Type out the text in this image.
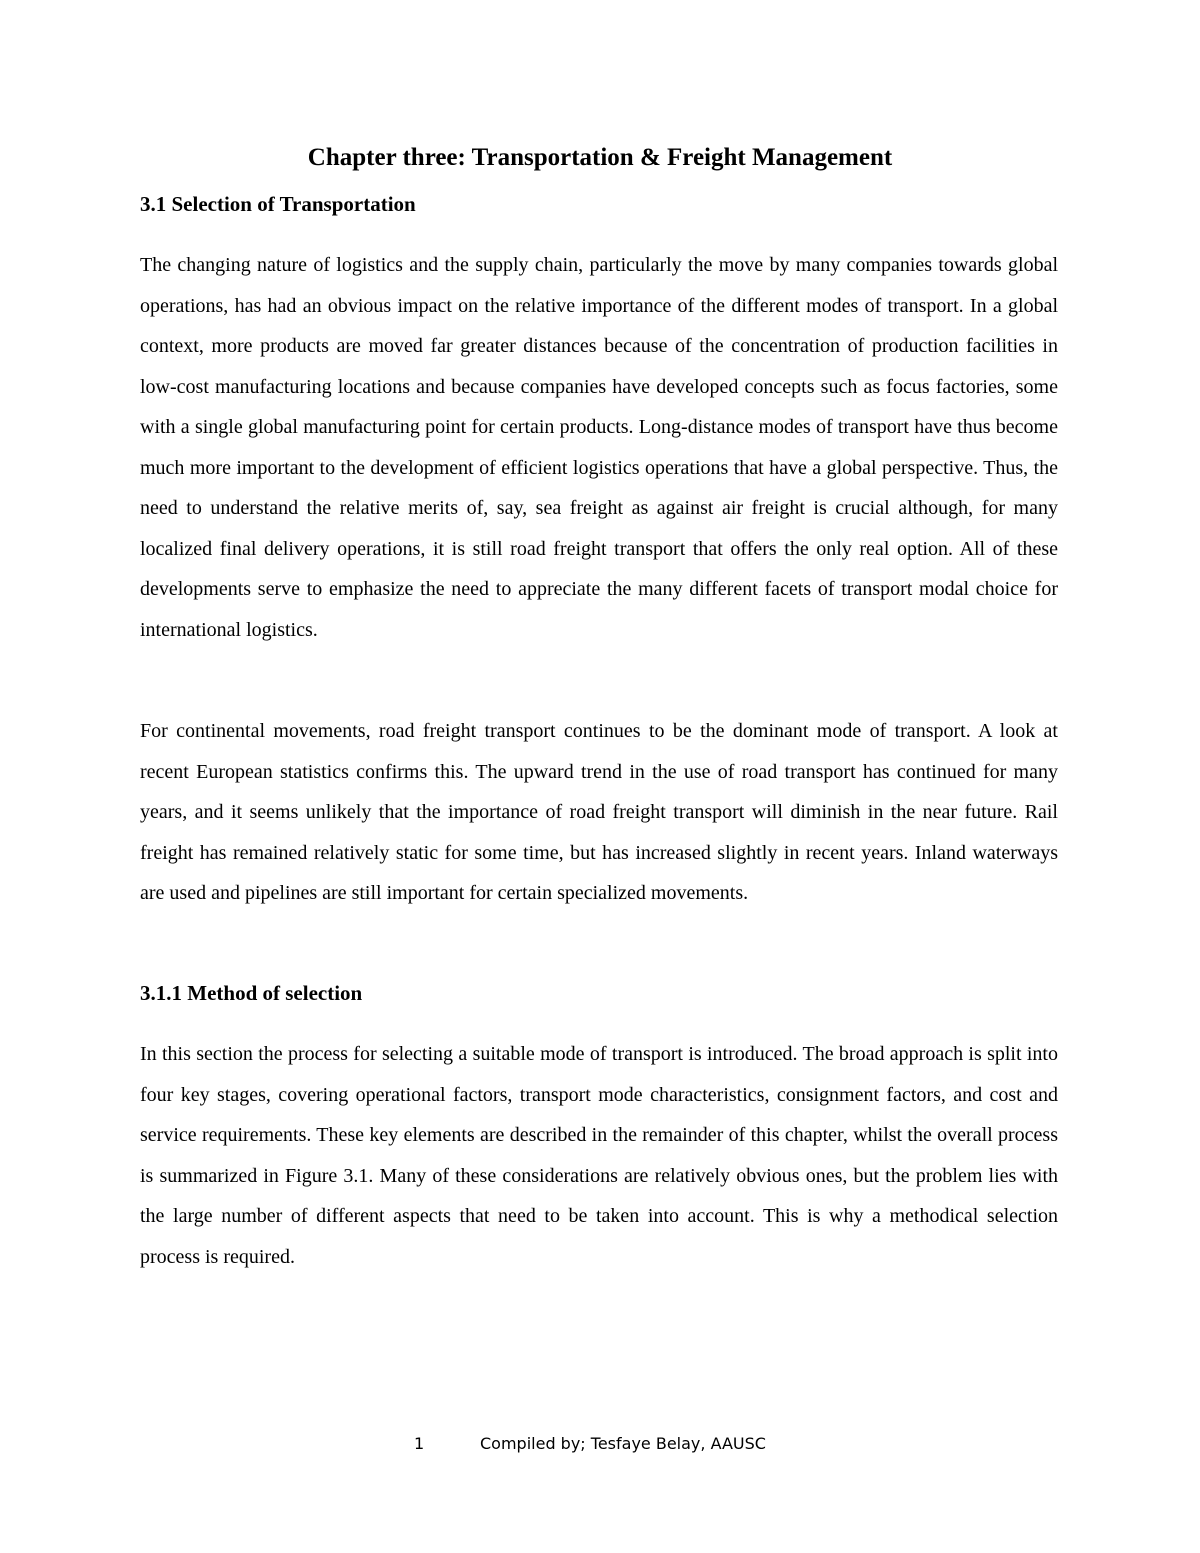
Chapter three: Transportation & Freight Management
3.1 Selection of Transportation

The changing nature of logistics and the supply chain, particularly the move by many companies towards global operations, has had an obvious impact on the relative importance of the different modes of transport. In a global context, more products are moved far greater distances because of the concentration of production facilities in low-cost manufacturing locations and because companies have developed concepts such as focus factories, some with a single global manufacturing point for certain products. Long-distance modes of transport have thus become much more important to the development of efficient logistics operations that have a global perspective. Thus, the need to understand the relative merits of, say, sea freight as against air freight is crucial although, for many localized final delivery operations, it is still road freight transport that offers the only real option. All of these developments serve to emphasize the need to appreciate the many different facets of transport modal choice for international logistics.

For continental movements, road freight transport continues to be the dominant mode of transport. A look at recent European statistics confirms this. The upward trend in the use of road transport has continued for many years, and it seems unlikely that the importance of road freight transport will diminish in the near future. Rail freight has remained relatively static for some time, but has increased slightly in recent years. Inland waterways are used and pipelines are still important for certain specialized movements.

3.1.1 Method of selection

In this section the process for selecting a suitable mode of transport is introduced. The broad approach is split into four key stages, covering operational factors, transport mode characteristics, consignment factors, and cost and service requirements. These key elements are described in the remainder of this chapter, whilst the overall process is summarized in Figure 3.1. Many of these considerations are relatively obvious ones, but the problem lies with the large number of different aspects that need to be taken into account. This is why a methodical selection process is required.

1	Compiled by; Tesfaye Belay, AAUSC
